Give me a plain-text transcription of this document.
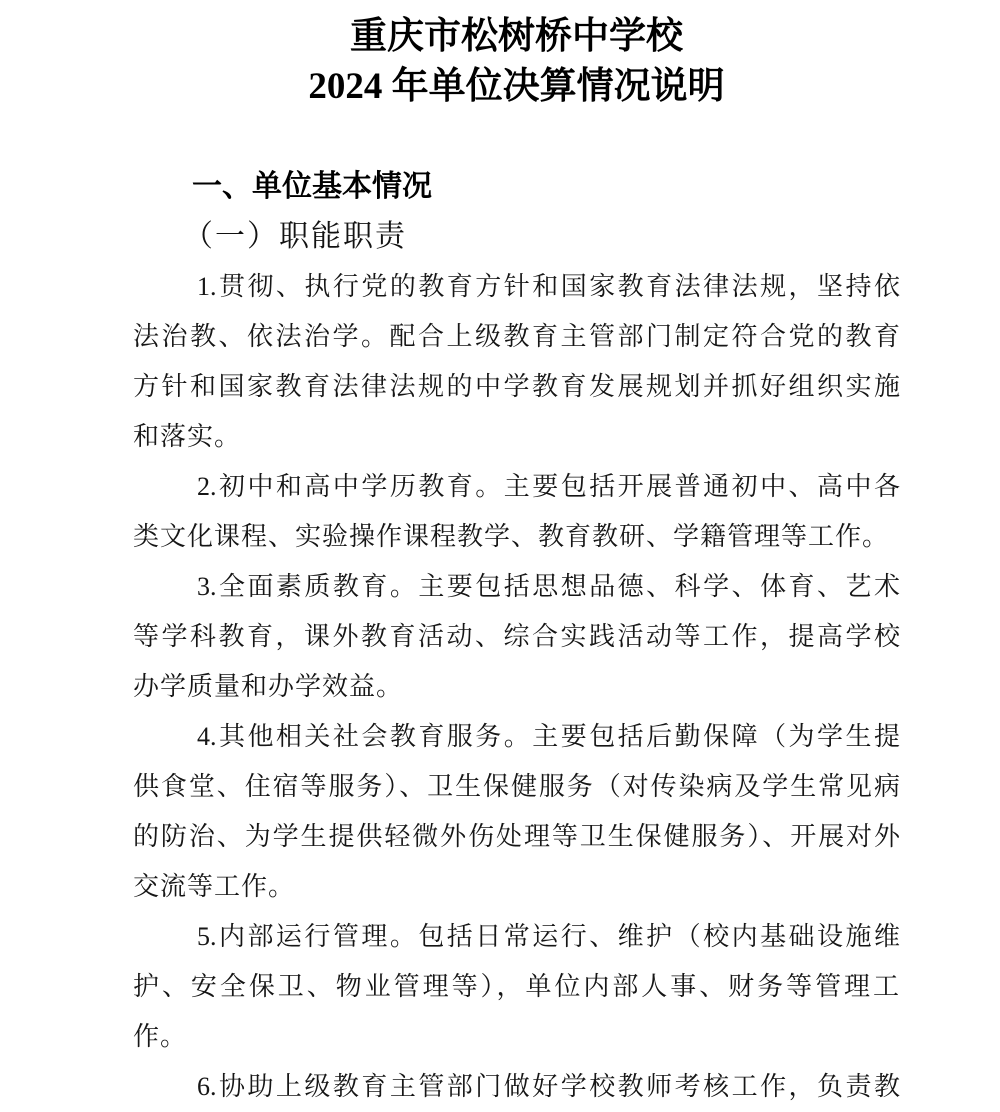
重庆市松树桥中学校
2024 年单位决算情况说明
一、单位基本情况
（一）职能职责
1.贯彻、执行党的教育方针和国家教育法律法规，坚持依
法治教、依法治学。配合上级教育主管部门制定符合党的教育
方针和国家教育法律法规的中学教育发展规划并抓好组织实施
和落实。
2.初中和高中学历教育。主要包括开展普通初中、高中各
类文化课程、实验操作课程教学、教育教研、学籍管理等工作。
3.全面素质教育。主要包括思想品德、科学、体育、艺术
等学科教育，课外教育活动、综合实践活动等工作，提高学校
办学质量和办学效益。
4.其他相关社会教育服务。主要包括后勤保障（为学生提
供食堂、住宿等服务）、卫生保健服务（对传染病及学生常见病
的防治、为学生提供轻微外伤处理等卫生保健服务）、开展对外
交流等工作。
5.内部运行管理。包括日常运行、维护（校内基础设施维
护、安全保卫、物业管理等），单位内部人事、财务等管理工作。
6.协助上级教育主管部门做好学校教师考核工作，负责教
